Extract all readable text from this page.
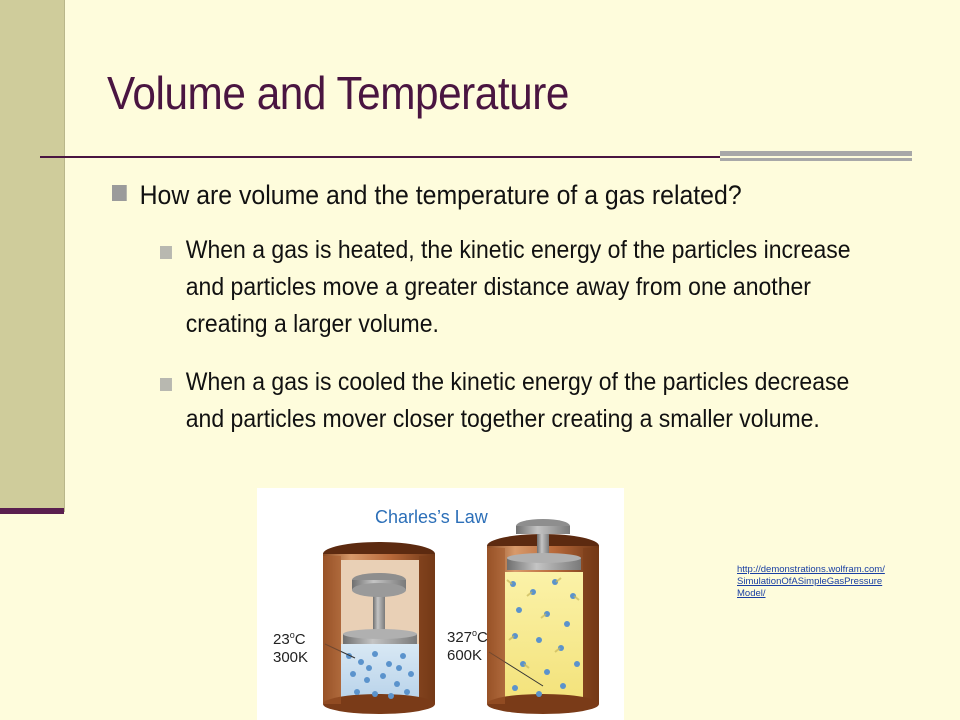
Volume and Temperature
How are volume and the temperature of a gas related?
When a gas is heated, the kinetic energy of the particles increase and particles move a greater distance away from one another creating a larger volume.
When a gas is cooled the kinetic energy of the particles decrease and particles mover closer together creating a smaller volume.
Charles’s Law
23$^o$C
300K
327$^o$C
600K
http://demonstrations.wolfram.com/SimulationOfASimpleGasPressureModel/
